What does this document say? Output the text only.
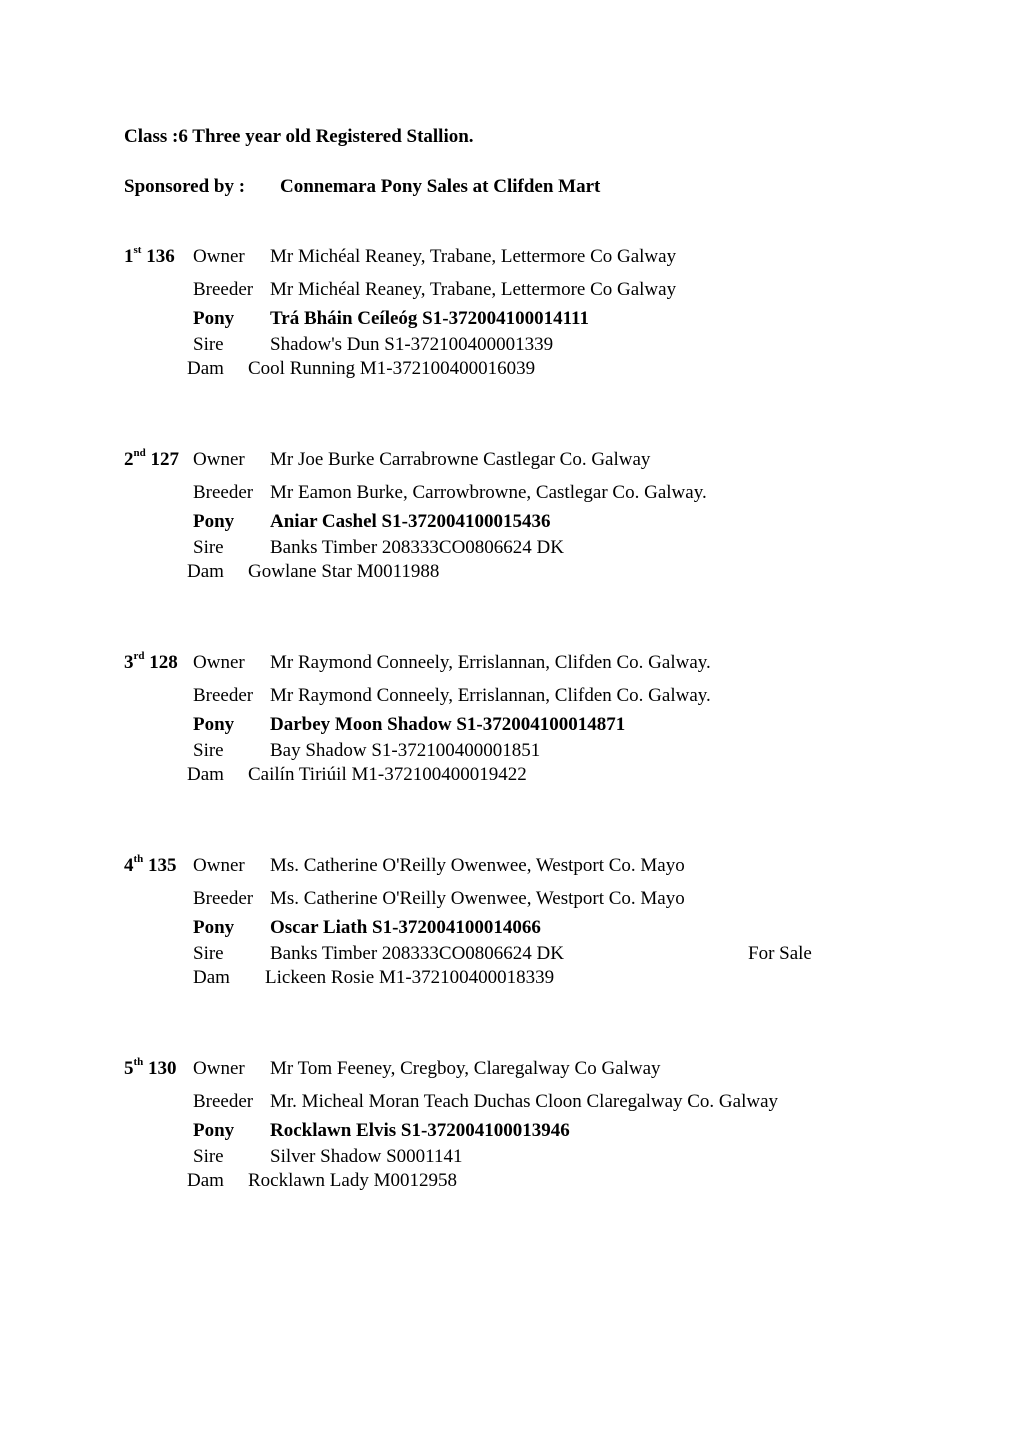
Class :6 Three year old Registered Stallion.
Sponsored by : Connemara Pony Sales at Clifden Mart
1st 136 Owner Mr Michéal Reaney, Trabane, Lettermore Co Galway
Breeder Mr Michéal Reaney, Trabane, Lettermore Co Galway
Pony Trá Bháin Ceíleóg S1-372004100014111
Sire Shadow's Dun S1-372100400001339
Dam Cool Running M1-372100400016039
2nd 127 Owner Mr Joe Burke Carrabrowne Castlegar Co. Galway
Breeder Mr Eamon Burke, Carrowbrowne, Castlegar Co. Galway.
Pony Aniar Cashel S1-372004100015436
Sire Banks Timber 208333CO0806624 DK
Dam Gowlane Star M0011988
3rd 128 Owner Mr Raymond Conneely, Errislannan, Clifden Co. Galway.
Breeder Mr Raymond Conneely, Errislannan, Clifden Co. Galway.
Pony Darbey Moon Shadow S1-372004100014871
Sire Bay Shadow S1-372100400001851
Dam Cailín Tiriúil M1-372100400019422
4th 135 Owner Ms. Catherine O'Reilly Owenwee, Westport Co. Mayo
Breeder Ms. Catherine O'Reilly Owenwee, Westport Co. Mayo
Pony Oscar Liath S1-372004100014066
Sire Banks Timber 208333CO0806624 DK	For Sale
Dam Lickeen Rosie M1-372100400018339
5th 130 Owner Mr Tom Feeney, Cregboy, Claregalway Co Galway
Breeder Mr. Micheal Moran Teach Duchas Cloon Claregalway Co. Galway
Pony Rocklawn Elvis S1-372004100013946
Sire Silver Shadow S0001141
Dam Rocklawn Lady M0012958
